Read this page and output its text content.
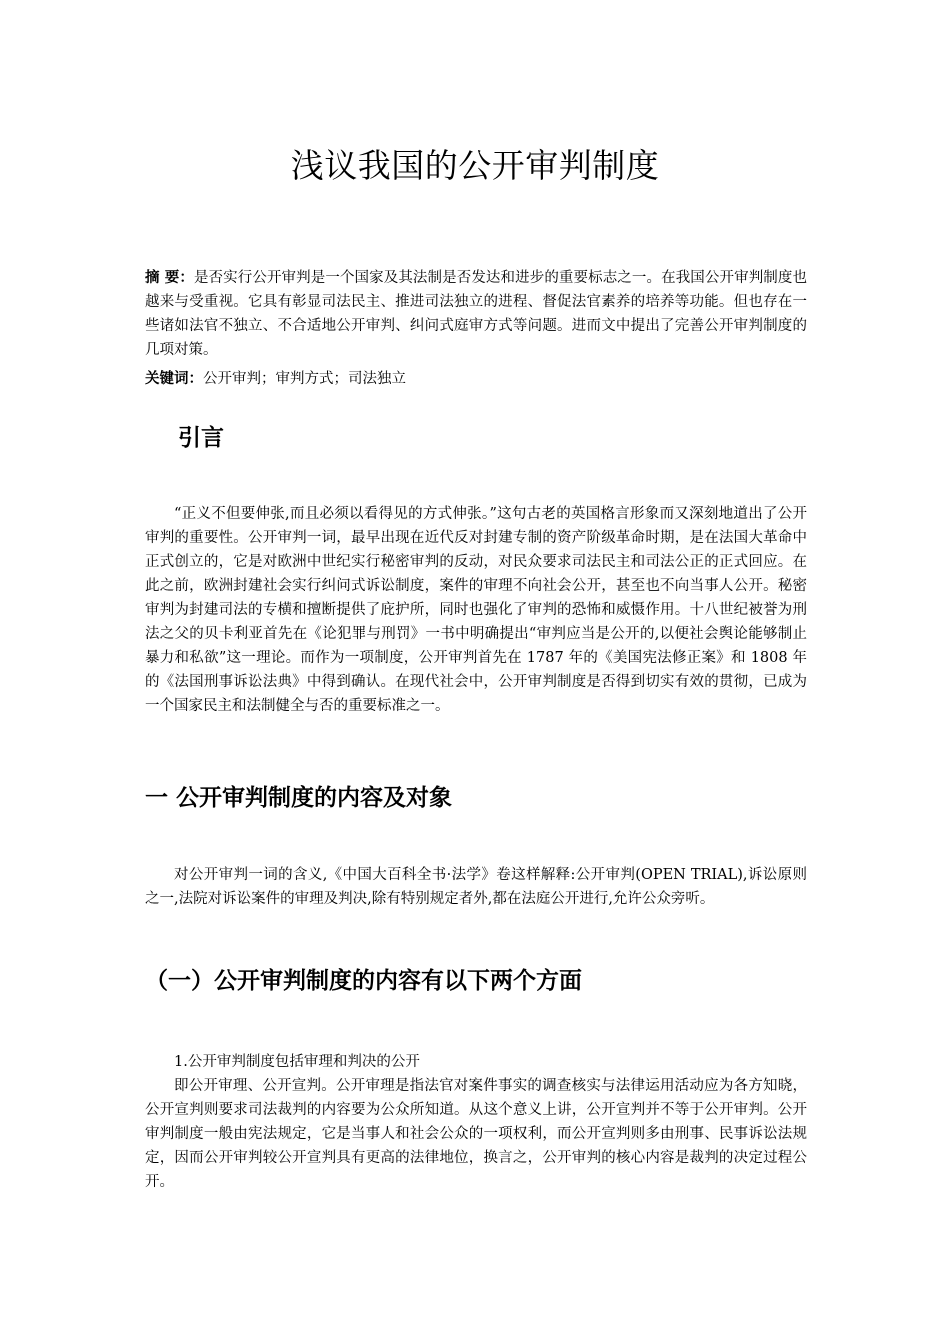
浅议我国的公开审判制度
摘 要：是否实行公开审判是一个国家及其法制是否发达和进步的重要标志之一。在我国公开审判制度也越来与受重视。它具有彰显司法民主、推进司法独立的进程、督促法官素养的培养等功能。但也存在一些诸如法官不独立、不合适地公开审判、纠问式庭审方式等问题。进而文中提出了完善公开审判制度的几项对策。
关键词：公开审判；审判方式；司法独立
引言
“正义不但要伸张,而且必须以看得见的方式伸张。”这句古老的英国格言形象而又深刻地道出了公开审判的重要性。公开审判一词，最早出现在近代反对封建专制的资产阶级革命时期，是在法国大革命中正式创立的，它是对欧洲中世纪实行秘密审判的反动，对民众要求司法民主和司法公正的正式回应。在此之前，欧洲封建社会实行纠问式诉讼制度，案件的审理不向社会公开，甚至也不向当事人公开。秘密审判为封建司法的专横和擅断提供了庇护所，同时也强化了审判的恐怖和威慑作用。十八世纪被誉为刑法之父的贝卡利亚首先在《论犯罪与刑罚》一书中明确提出“审判应当是公开的,以便社会舆论能够制止暴力和私欲”这一理论。而作为一项制度，公开审判首先在 1787 年的《美国宪法修正案》和 1808 年的《法国刑事诉讼法典》中得到确认。在现代社会中，公开审判制度是否得到切实有效的贯彻，已成为一个国家民主和法制健全与否的重要标准之一。
一 公开审判制度的内容及对象
对公开审判一词的含义,《中国大百科全书·法学》卷这样解释:公开审判(OPEN TRIAL),诉讼原则之一,法院对诉讼案件的审理及判决,除有特别规定者外,都在法庭公开进行,允许公众旁听。
（一）公开审判制度的内容有以下两个方面
1.公开审判制度包括审理和判决的公开
即公开审理、公开宣判。公开审理是指法官对案件事实的调查核实与法律运用活动应为各方知晓，公开宣判则要求司法裁判的内容要为公众所知道。从这个意义上讲，公开宣判并不等于公开审判。公开审判制度一般由宪法规定，它是当事人和社会公众的一项权利，而公开宣判则多由刑事、民事诉讼法规定，因而公开审判较公开宣判具有更高的法律地位，换言之，公开审判的核心内容是裁判的决定过程公开。
